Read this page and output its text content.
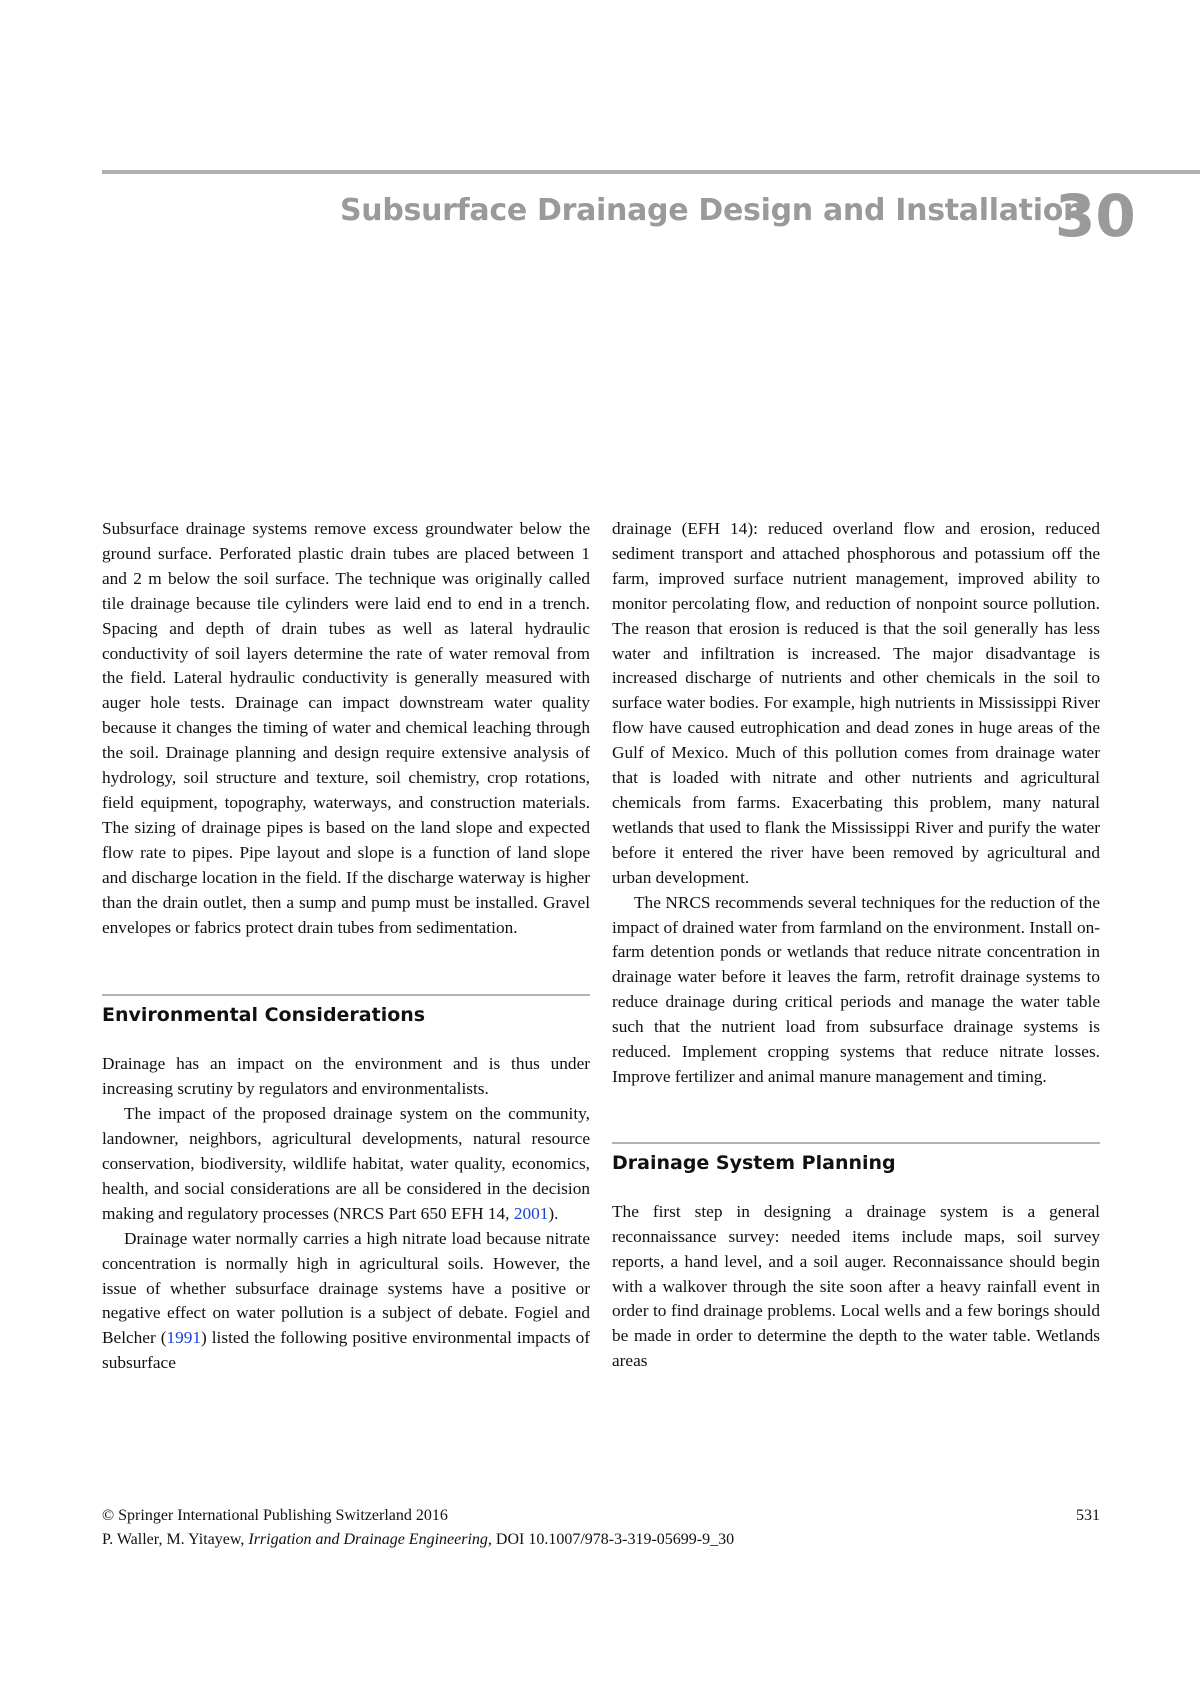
Subsurface Drainage Design and Installation
30

Subsurface drainage systems remove excess groundwater below the ground surface. Perforated plastic drain tubes are placed between 1 and 2 m below the soil surface. The technique was originally called tile drainage because tile cylinders were laid end to end in a trench. Spacing and depth of drain tubes as well as lateral hydraulic conductivity of soil layers determine the rate of water removal from the field. Lateral hydraulic conductivity is generally measured with auger hole tests. Drainage can impact downstream water quality because it changes the timing of water and chemical leaching through the soil. Drainage planning and design require extensive analysis of hydrology, soil structure and texture, soil chemistry, crop rotations, field equipment, topography, waterways, and construction materials. The sizing of drainage pipes is based on the land slope and expected flow rate to pipes. Pipe layout and slope is a function of land slope and discharge location in the field. If the discharge waterway is higher than the drain outlet, then a sump and pump must be installed. Gravel envelopes or fabrics protect drain tubes from sedimentation.

Environmental Considerations

Drainage has an impact on the environment and is thus under increasing scrutiny by regulators and environmentalists.

The impact of the proposed drainage system on the community, landowner, neighbors, agricultural developments, natural resource conservation, biodiversity, wildlife habitat, water quality, economics, health, and social considerations are all be considered in the decision making and regulatory processes (NRCS Part 650 EFH 14, 2001).

Drainage water normally carries a high nitrate load because nitrate concentration is normally high in agricultural soils. However, the issue of whether subsurface drainage systems have a positive or negative effect on water pollution is a subject of debate. Fogiel and Belcher (1991) listed the following positive environmental impacts of subsurface

drainage (EFH 14): reduced overland flow and erosion, reduced sediment transport and attached phosphorous and potassium off the farm, improved surface nutrient management, improved ability to monitor percolating flow, and reduction of nonpoint source pollution. The reason that erosion is reduced is that the soil generally has less water and infiltration is increased. The major disadvantage is increased discharge of nutrients and other chemicals in the soil to surface water bodies. For example, high nutrients in Mississippi River flow have caused eutrophication and dead zones in huge areas of the Gulf of Mexico. Much of this pollution comes from drainage water that is loaded with nitrate and other nutrients and agricultural chemicals from farms. Exacerbating this problem, many natural wetlands that used to flank the Mississippi River and purify the water before it entered the river have been removed by agricultural and urban development.

The NRCS recommends several techniques for the reduction of the impact of drained water from farmland on the environment. Install on-farm detention ponds or wetlands that reduce nitrate concentration in drainage water before it leaves the farm, retrofit drainage systems to reduce drainage during critical periods and manage the water table such that the nutrient load from subsurface drainage systems is reduced. Implement cropping systems that reduce nitrate losses. Improve fertilizer and animal manure management and timing.

Drainage System Planning

The first step in designing a drainage system is a general reconnaissance survey: needed items include maps, soil survey reports, a hand level, and a soil auger. Reconnaissance should begin with a walkover through the site soon after a heavy rainfall event in order to find drainage problems. Local wells and a few borings should be made in order to determine the depth to the water table. Wetlands areas

© Springer International Publishing Switzerland 2016
P. Waller, M. Yitayew, Irrigation and Drainage Engineering, DOI 10.1007/978-3-319-05699-9_30
531
